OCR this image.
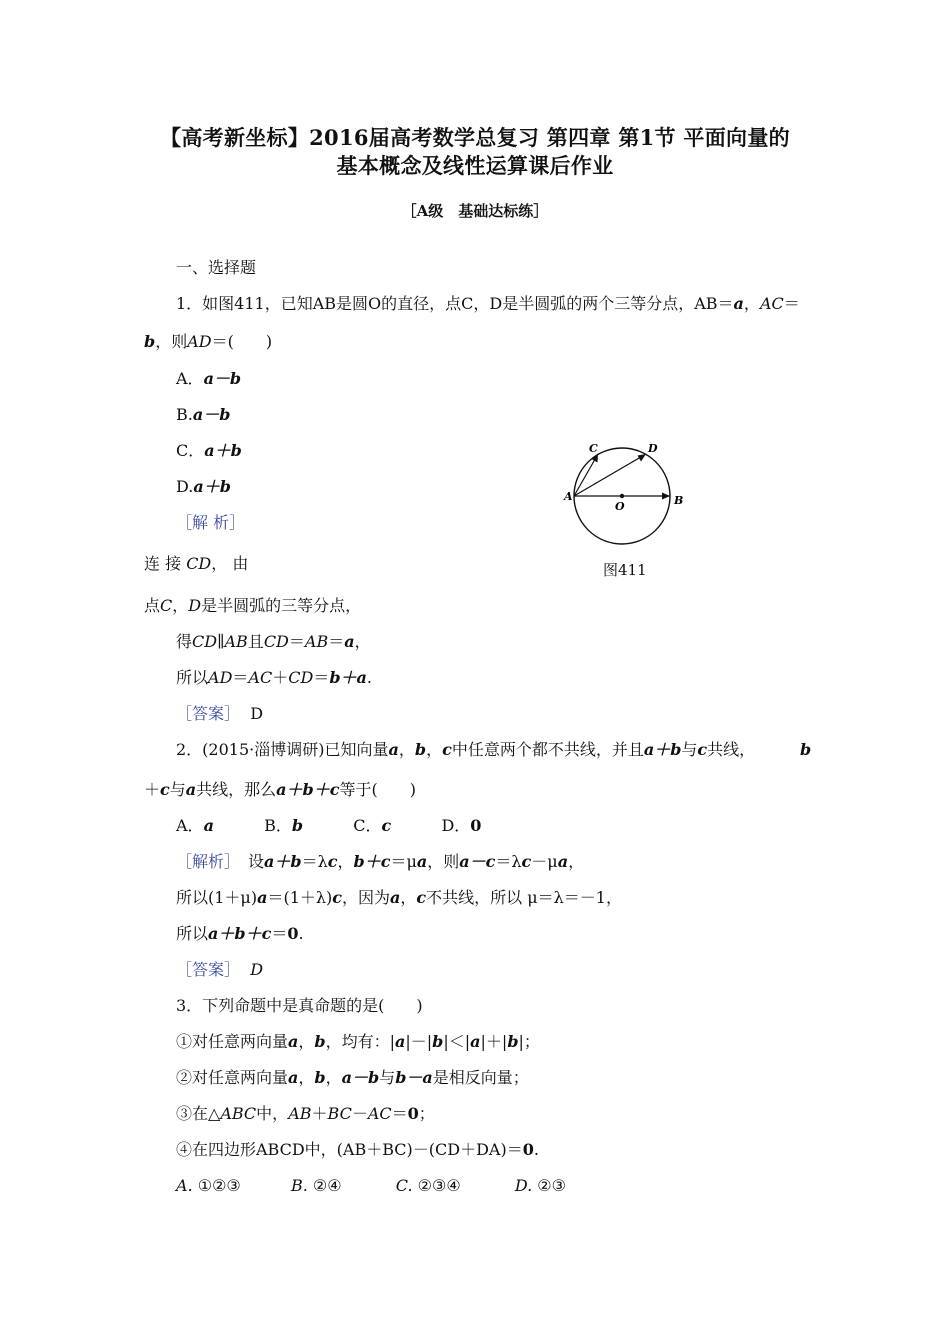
【高考新坐标】2016届高考数学总复习 第四章 第1节 平面向量的
基本概念及线性运算课后作业
［A级　基础达标练］
一、选择题
1．如图411，已知AB是圆O的直径，点C，D是半圆弧的两个三等分点，AB＝a，AC＝
b，则AD＝(　　)
A．a－b
B.a－b
C．a＋b
D.a＋b
［解 析］
连 接 CD， 由
点C，D是半圆弧的三等分点，
得CD∥AB且CD＝AB＝a，
所以AD＝AC＋CD＝b＋a.
［答案］ D
A	B
C	D
O
图411
2．(2015·淄博调研)已知向量a，b，c中任意两个都不共线，并且a＋b与c共线，	b
＋c与a共线，那么a＋b＋c等于(　　)
A．a	B．b	C．c	D．0
［解析］　设a＋b＝λc，b＋c＝μa，则a－c＝λc－μa，
所以(1＋μ)a＝(1＋λ)c，因为a，c不共线，所以 μ＝λ＝－1，
所以a＋b＋c＝0.
［答案］ D
3．下列命题中是真命题的是(　　)
①对任意两向量a，b，均有：|a|－|b|＜|a|＋|b|；
②对任意两向量a，b，a－b与b－a是相反向量；
③在△ABC中，AB＋BC－AC＝0；
④在四边形ABCD中，(AB＋BC)－(CD＋DA)＝0.
A. ①②③	B. ②④	C. ②③④	D. ②③
